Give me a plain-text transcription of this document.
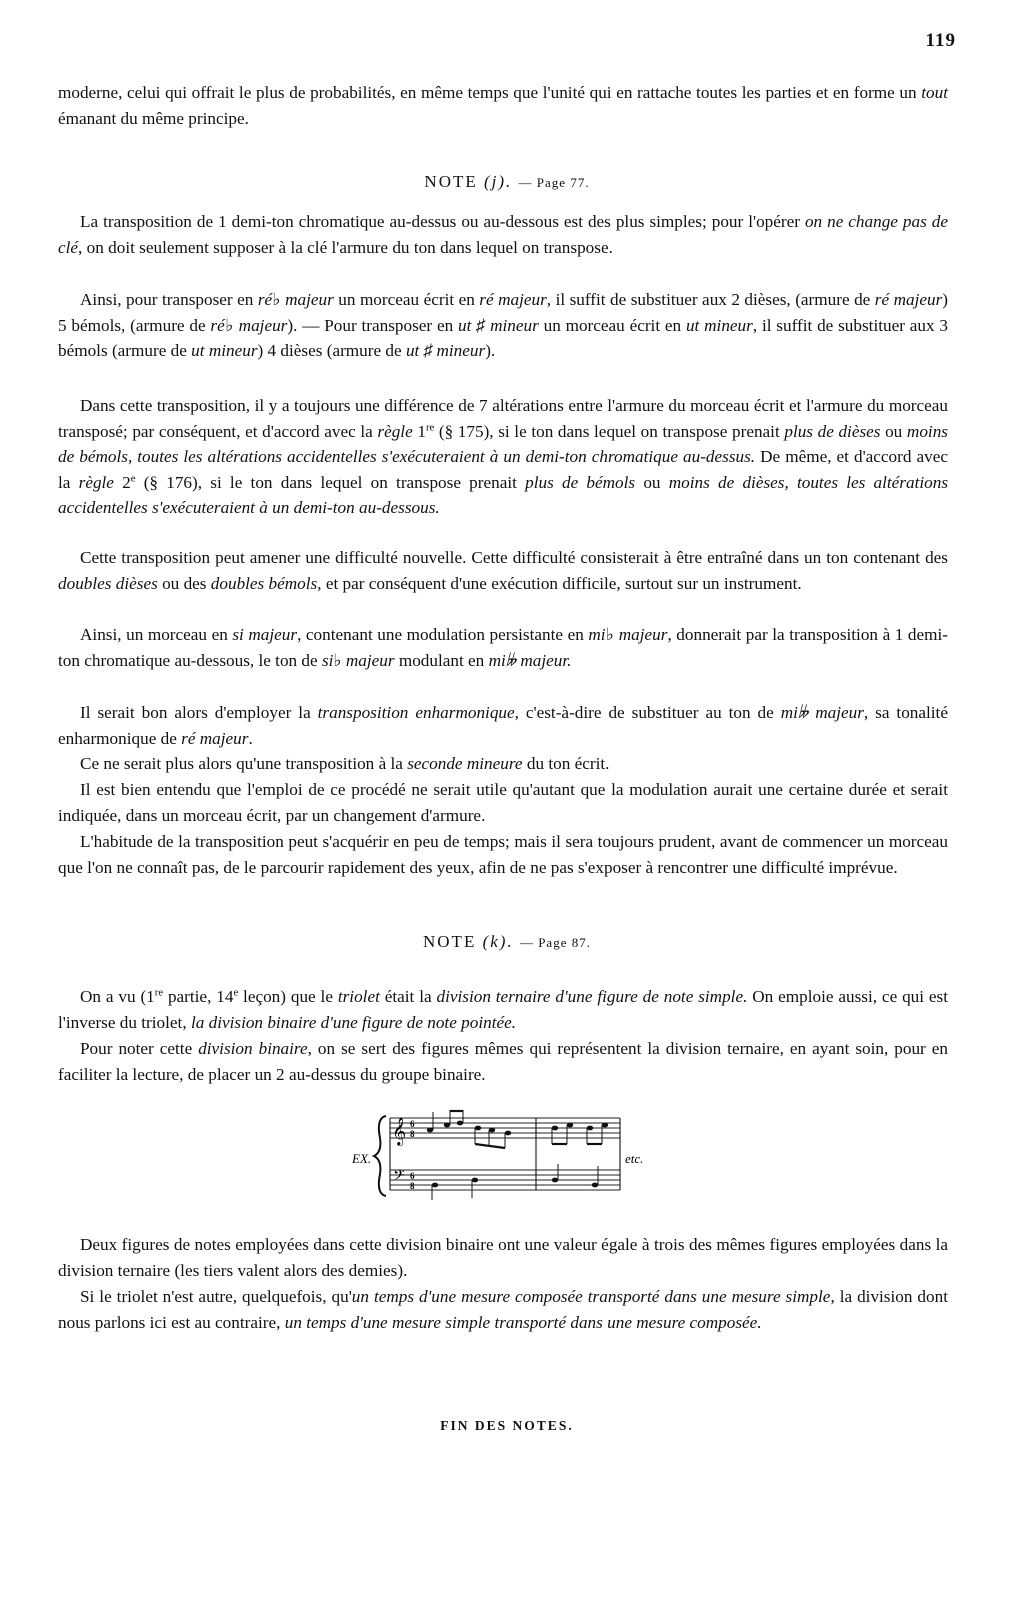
119
moderne, celui qui offrait le plus de probabilités, en même temps que l'unité qui en rattache toutes les parties et en forme un tout émanant du même principe.
NOTE (j). — Page 77.
La transposition de 1 demi-ton chromatique au-dessus ou au-dessous est des plus simples; pour l'opérer on ne change pas de clé, on doit seulement supposer à la clé l'armure du ton dans lequel on transpose.
Ainsi, pour transposer en ré♭ majeur un morceau écrit en ré majeur, il suffit de substituer aux 2 dièses, (armure de ré majeur) 5 bémols, (armure de ré♭ majeur). — Pour transposer en ut ♯ mineur un morceau écrit en ut mineur, il suffit de substituer aux 3 bémols (armure de ut mineur) 4 dièses (armure de ut ♯ mineur).
Dans cette transposition, il y a toujours une différence de 7 altérations entre l'armure du morceau écrit et l'armure du morceau transposé; par conséquent, et d'accord avec la règle 1re (§ 175), si le ton dans lequel on transpose prenait plus de dièses ou moins de bémols, toutes les altérations accidentelles s'exécuteraient à un demi-ton chromatique au-dessus. De même, et d'accord avec la règle 2e (§ 176), si le ton dans lequel on transpose prenait plus de bémols ou moins de dièses, toutes les altérations accidentelles s'exécuteraient à un demi-ton au-dessous.
Cette transposition peut amener une difficulté nouvelle. Cette difficulté consisterait à être entraîné dans un ton contenant des doubles dièses ou des doubles bémols, et par conséquent d'une exécution difficile, surtout sur un instrument.
Ainsi, un morceau en si majeur, contenant une modulation persistante en mi♭ majeur, donnerait par la transposition à 1 demi-ton chromatique au-dessous, le ton de si♭ majeur modulant en mi𝄫 majeur.
Il serait bon alors d'employer la transposition enharmonique, c'est-à-dire de substituer au ton de mi𝄫 majeur, sa tonalité enharmonique de ré majeur.
Ce ne serait plus alors qu'une transposition à la seconde mineure du ton écrit.
Il est bien entendu que l'emploi de ce procédé ne serait utile qu'autant que la modulation aurait une certaine durée et serait indiquée, dans un morceau écrit, par un changement d'armure.
L'habitude de la transposition peut s'acquérir en peu de temps; mais il sera toujours prudent, avant de commencer un morceau que l'on ne connaît pas, de le parcourir rapidement des yeux, afin de ne pas s'exposer à rencontrer une difficulté imprévue.
NOTE (k). — Page 87.
On a vu (1re partie, 14e leçon) que le triolet était la division ternaire d'une figure de note simple. On emploie aussi, ce qui est l'inverse du triolet, la division binaire d'une figure de note pointée.
Pour noter cette division binaire, on se sert des figures mêmes qui représentent la division ternaire, en ayant soin, pour en faciliter la lecture, de placer un 2 au-dessus du groupe binaire.
EX.	etc.
𝄞
𝄢
6
8
6
8
Deux figures de notes employées dans cette division binaire ont une valeur égale à trois des mêmes figures employées dans la division ternaire (les tiers valent alors des demies).
Si le triolet n'est autre, quelquefois, qu'un temps d'une mesure composée transporté dans une mesure simple, la division dont nous parlons ici est au contraire, un temps d'une mesure simple transporté dans une mesure composée.
FIN DES NOTES.
